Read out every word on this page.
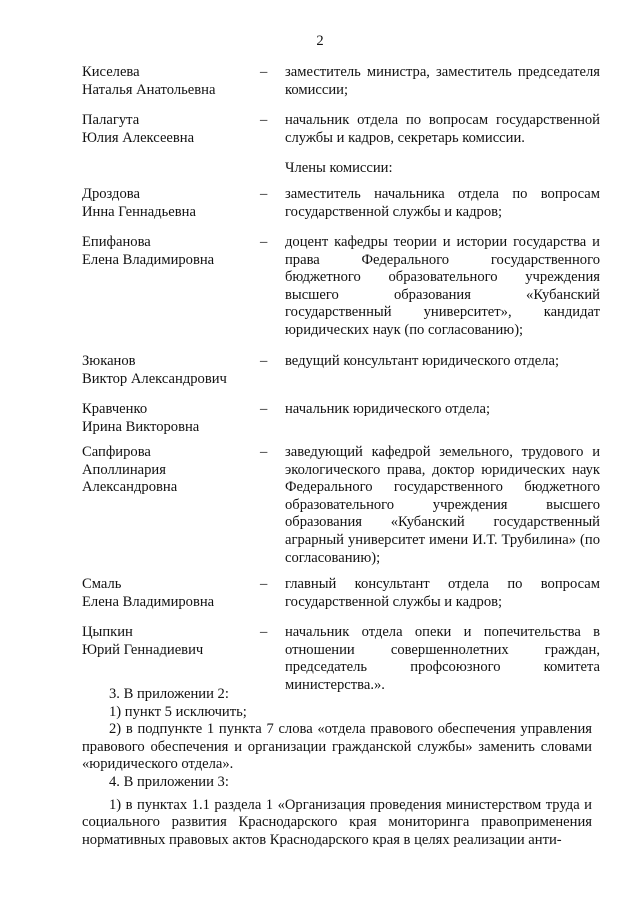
2
Киселева
Наталья Анатольевна
– заместитель министра, заместитель председателя комиссии;
Палагута
Юлия Алексеевна
– начальник отдела по вопросам государственной службы и кадров, секретарь комиссии.
Члены комиссии:
Дроздова
Инна Геннадьевна
– заместитель начальника отдела по вопросам государственной службы и кадров;
Епифанова
Елена Владимировна
– доцент кафедры теории и истории государства и права Федерального государственного бюджетного образовательного учреждения высшего образования «Кубанский государственный университет», кандидат юридических наук (по согласованию);
Зюканов
Виктор Александрович
– ведущий консультант юридического отдела;
Кравченко
Ирина Викторовна
– начальник юридического отдела;
Сапфирова
Аполлинария
Александровна
– заведующий кафедрой земельного, трудового и экологического права, доктор юридических наук Федерального государственного бюджетного образовательного учреждения высшего образования «Кубанский государственный аграрный университет имени И.Т. Трубилина» (по согласованию);
Смаль
Елена Владимировна
– главный консультант отдела по вопросам государственной службы и кадров;
Цыпкин
Юрий Геннадиевич
– начальник отдела опеки и попечительства в отношении совершеннолетних граждан, председатель профсоюзного комитета министерства.».

3. В приложении 2:

1) пункт 5 исключить;

2) в подпункте 1 пункта 7 слова «отдела правового обеспечения управления правового обеспечения и организации гражданской службы» заменить словами «юридического отдела».

4. В приложении 3:

1) в пунктах 1.1 раздела 1 «Организация проведения министерством труда и социального развития Краснодарского края мониторинга правоприменения нормативных правовых актов Краснодарского края в целях реализации анти-
